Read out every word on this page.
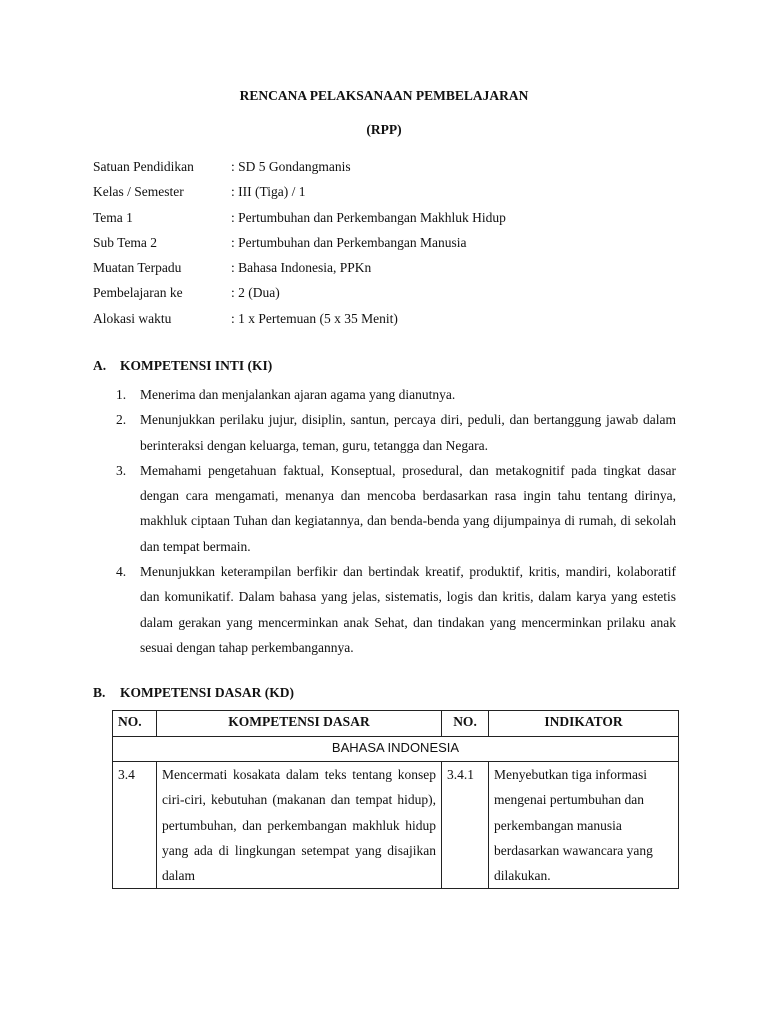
RENCANA PELAKSANAAN PEMBELAJARAN
(RPP)
Satuan Pendidikan	: SD 5 Gondangmanis
Kelas / Semester	: III (Tiga) / 1
Tema 1	: Pertumbuhan dan Perkembangan Makhluk Hidup
Sub Tema 2	: Pertumbuhan dan Perkembangan Manusia
Muatan Terpadu	: Bahasa Indonesia, PPKn
Pembelajaran ke	: 2 (Dua)
Alokasi waktu	: 1 x Pertemuan (5 x 35 Menit)
A. KOMPETENSI INTI (KI)
1. Menerima dan menjalankan ajaran agama yang dianutnya.
2. Menunjukkan perilaku jujur, disiplin, santun, percaya diri, peduli, dan bertanggung jawab dalam berinteraksi dengan keluarga, teman, guru, tetangga dan Negara.
3. Memahami pengetahuan faktual, Konseptual, prosedural, dan metakognitif pada tingkat dasar dengan cara mengamati, menanya dan mencoba berdasarkan rasa ingin tahu tentang dirinya, makhluk ciptaan Tuhan dan kegiatannya, dan benda-benda yang dijumpainya di rumah, di sekolah dan tempat bermain.
4. Menunjukkan keterampilan berfikir dan bertindak kreatif, produktif, kritis, mandiri, kolaboratif dan komunikatif. Dalam bahasa yang jelas, sistematis, logis dan kritis, dalam karya yang estetis dalam gerakan yang mencerminkan anak Sehat, dan tindakan yang mencerminkan prilaku anak sesuai dengan tahap perkembangannya.
B. KOMPETENSI DASAR (KD)
NO.	KOMPETENSI DASAR	NO.	INDIKATOR
BAHASA INDONESIA			
3.4	Mencermati kosakata dalam teks tentang konsep ciri-ciri, kebutuhan (makanan dan tempat hidup), pertumbuhan, dan perkembangan makhluk hidup yang ada di lingkungan setempat yang disajikan dalam	3.4.1	Menyebutkan tiga informasi mengenai pertumbuhan dan perkembangan manusia berdasarkan wawancara yang dilakukan.
